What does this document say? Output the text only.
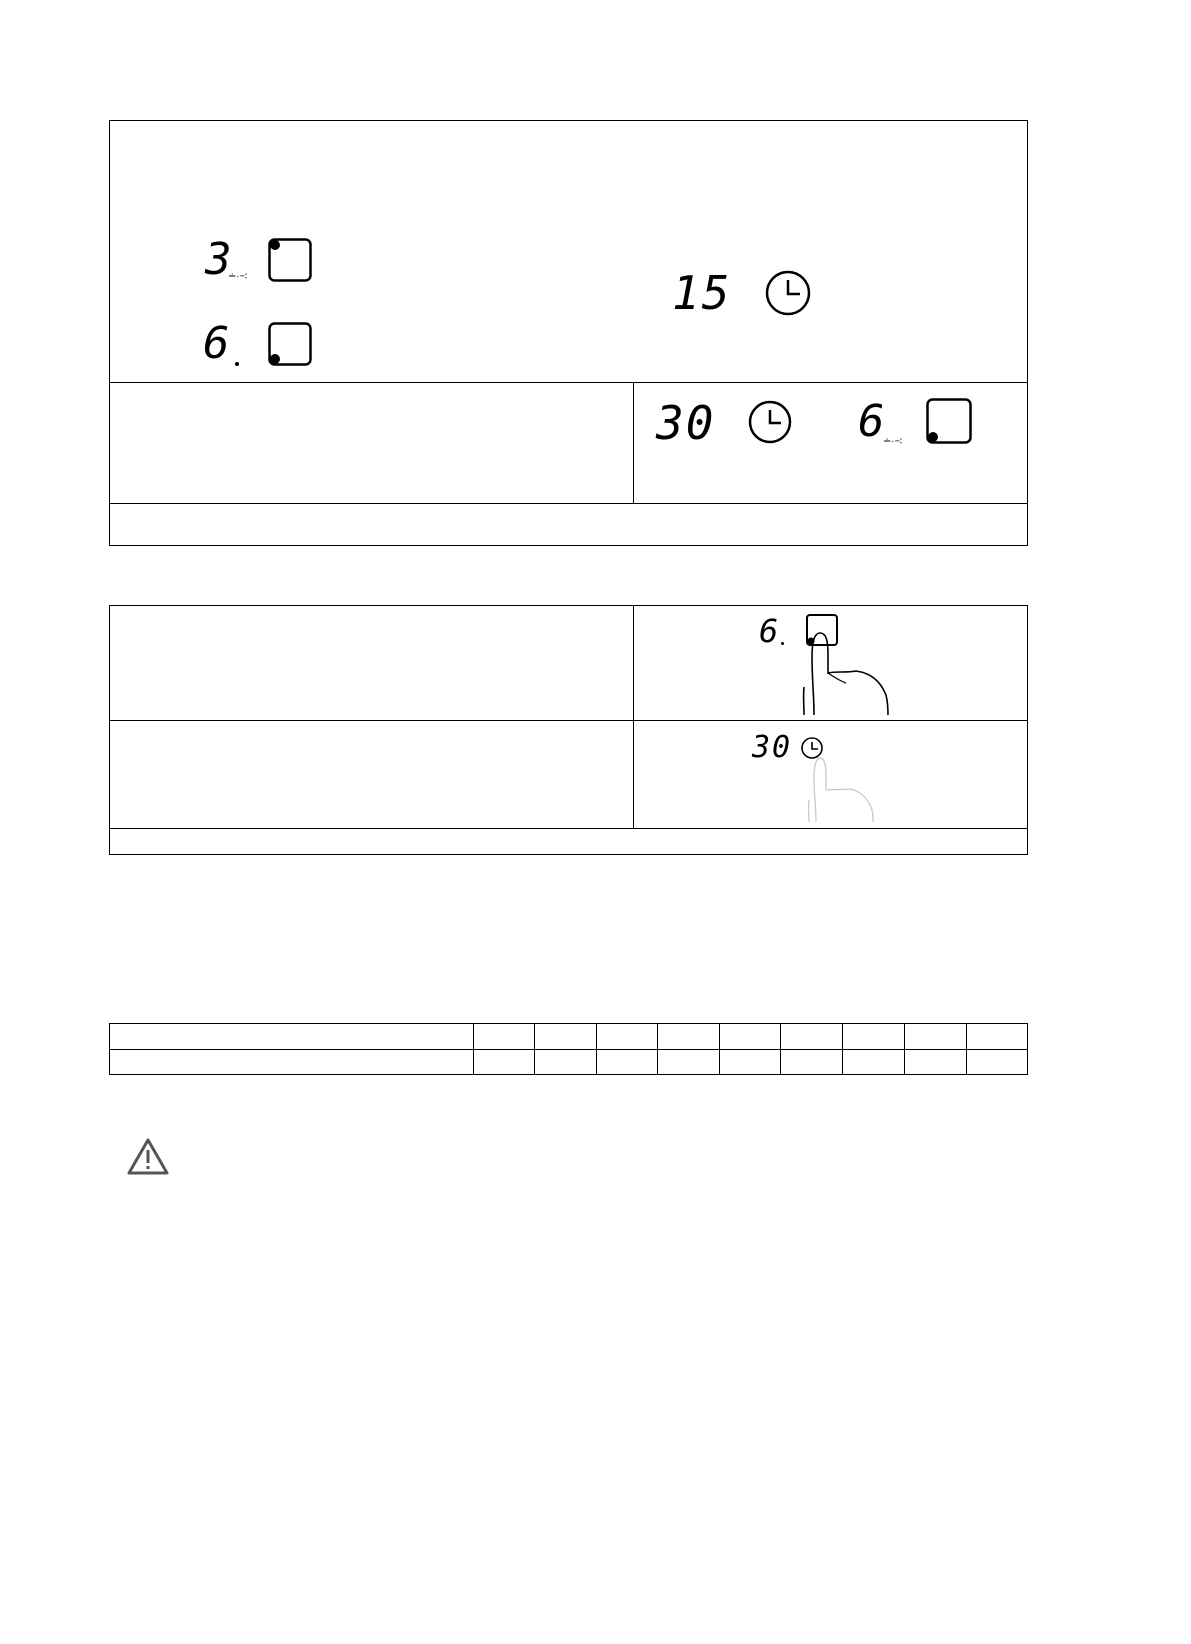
3
∸∙∹
6
15
30	6
∸∙∹
6
30
